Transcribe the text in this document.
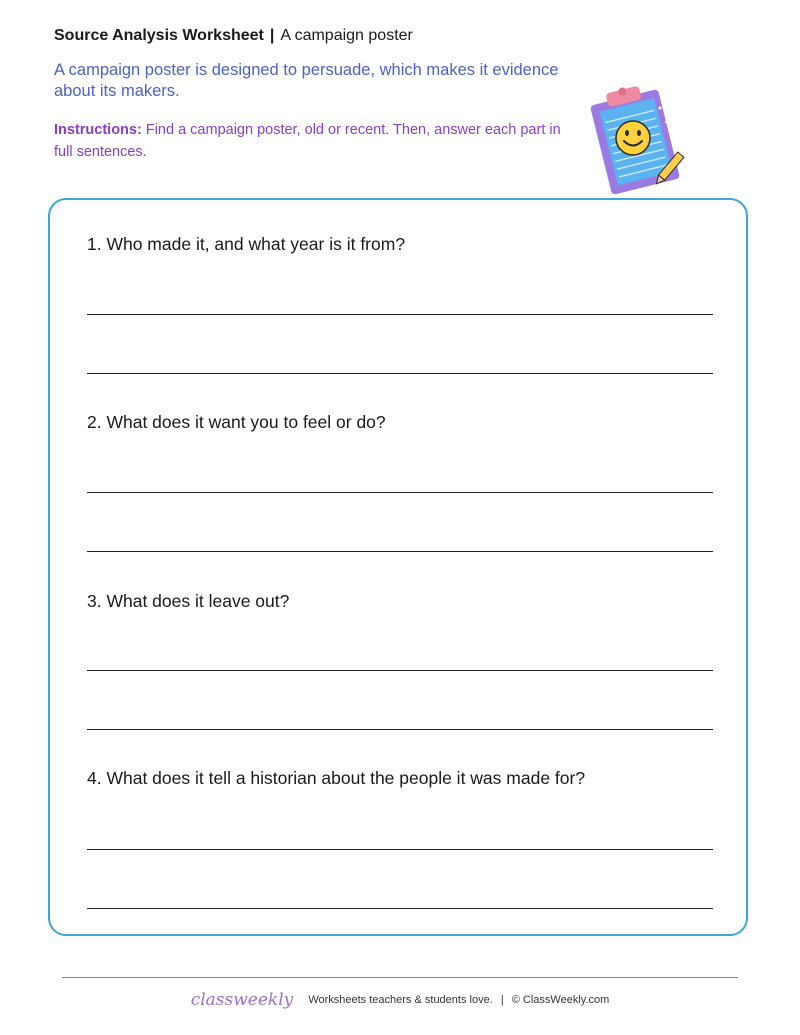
Source Analysis Worksheet | A campaign poster
A campaign poster is designed to persuade, which makes it evidence about its makers.
Instructions: Find a campaign poster, old or recent. Then, answer each part in full sentences.
1. Who made it, and what year is it from?
2. What does it want you to feel or do?
3. What does it leave out?
4. What does it tell a historian about the people it was made for?
classweekly Worksheets teachers & students love. | © ClassWeekly.com
